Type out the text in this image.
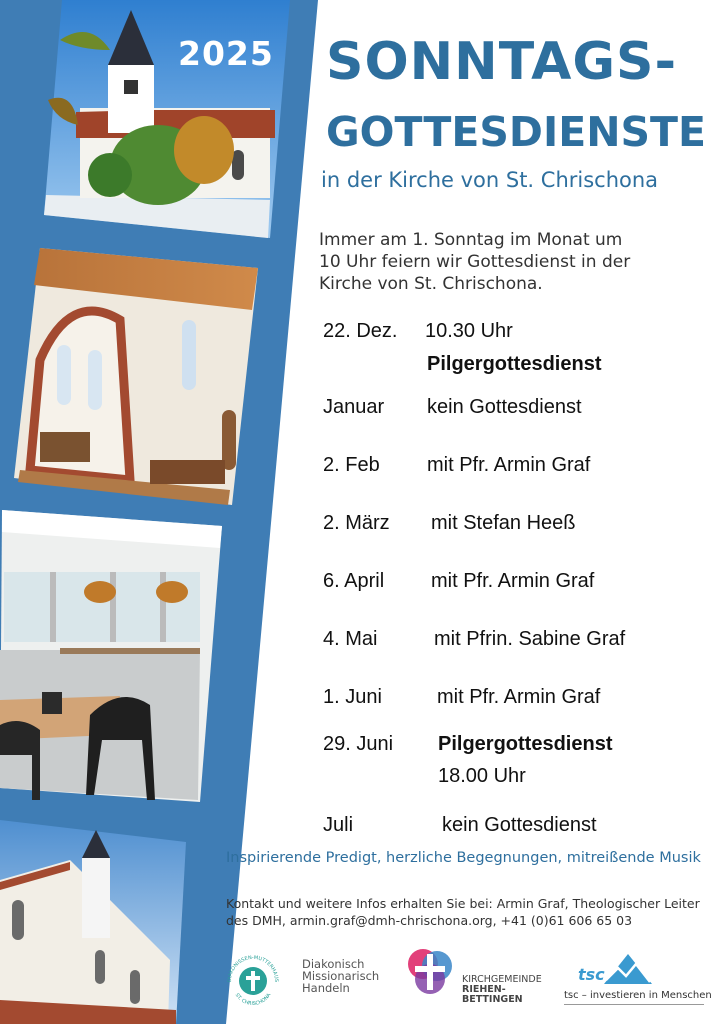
2025 SONNTAGS-
GOTTESDIENSTE
in der Kirche von St. Chrischona
Immer am 1. Sonntag im Monat um
10 Uhr feiern wir Gottesdienst in der
Kirche von St. Chrischona.
22. Dez. 10.30 Uhr
Pilgergottesdienst
Januar kein Gottesdienst
2. Feb mit Pfr. Armin Graf
2. März mit Stefan Heeß
6. April mit Pfr. Armin Graf
4. Mai	mit Pfrin. Sabine Graf
1. Juni	mit Pfr. Armin Graf
29. Juni Pilgergottesdienst
18.00 Uhr
Juli	kein Gottesdienst
Inspirierende Predigt, herzliche Begegnungen, mitreißende Musik
Kontakt und weitere Infos erhalten Sie bei: Armin Graf, Theologischer Leiter
des DMH, armin.graf@dmh-chrischona.org, +41 (0)61 606 65 03
DIAKONISSEN-MUTTERHAUS
ST. CHRISCHONA
Diakonisch
Missionarisch
Handeln
KIRCHGEMEINDE
RIEHEN-
BETTINGEN
tsc
tsc – investieren in Menschen
